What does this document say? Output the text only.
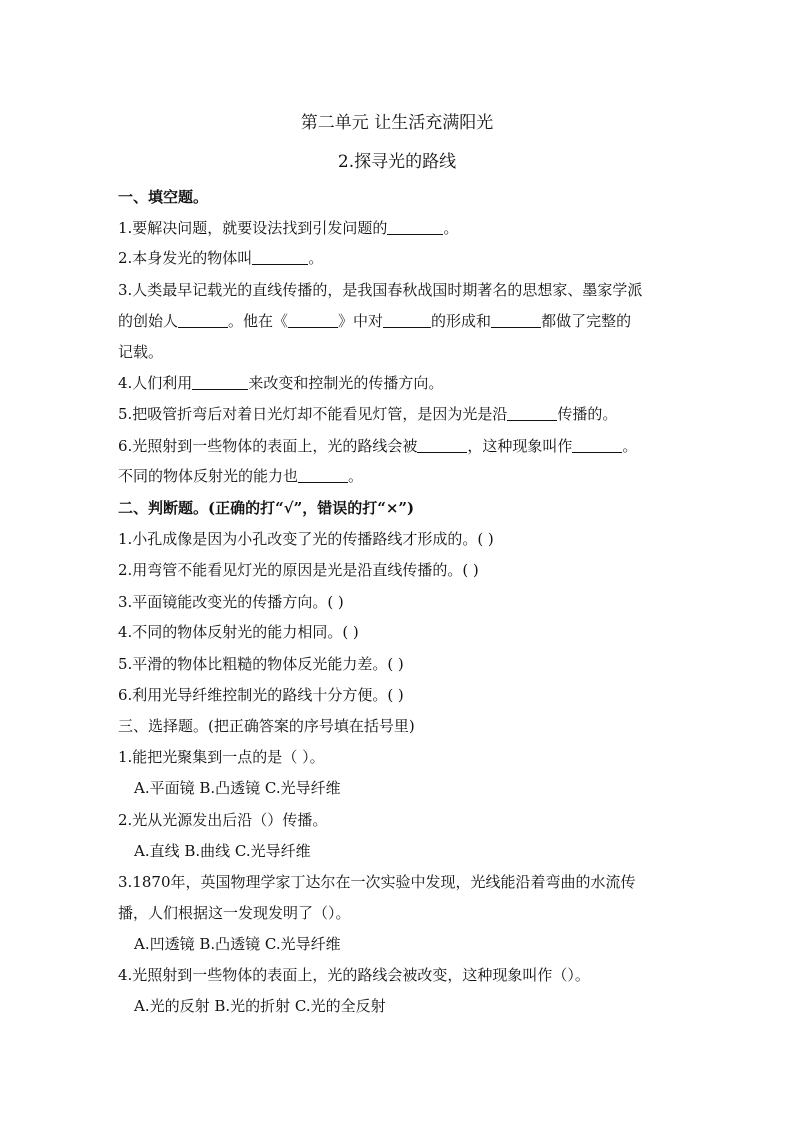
第二单元 让生活充满阳光
2.探寻光的路线
一、填空题。
1.要解决问题，就要设法找到引发问题的	。
2.本身发光的物体叫	。
3.人类最早记载光的直线传播的，是我国春秋战国时期著名的思想家、墨家学派
的创始人	。他在《	》中对	的形成和	都做了完整的
记载。
4.人们利用	来改变和控制光的传播方向。
5.把吸管折弯后对着日光灯却不能看见灯管，是因为光是沿	传播的。
6.光照射到一些物体的表面上，光的路线会被	，这种现象叫作	。
不同的物体反射光的能力也	。
二、判断题。(正确的打“√”，错误的打“×”)
1.小孔成像是因为小孔改变了光的传播路线才形成的。( )
2.用弯管不能看见灯光的原因是光是沿直线传播的。( )
3.平面镜能改变光的传播方向。( )
4.不同的物体反射光的能力相同。( )
5.平滑的物体比粗糙的物体反光能力差。( )
6.利用光导纤维控制光的路线十分方便。( )
三、选择题。(把正确答案的序号填在括号里)
1.能把光聚集到一点的是（ ）。
A.平面镜 B.凸透镜 C.光导纤维
2.光从光源发出后沿（）传播。
A.直线 B.曲线 C.光导纤维
3.1870年，英国物理学家丁达尔在一次实验中发现，光线能沿着弯曲的水流传
播，人们根据这一发现发明了（）。
A.凹透镜 B.凸透镜 C.光导纤维
4.光照射到一些物体的表面上，光的路线会被改变，这种现象叫作（）。
A.光的反射 B.光的折射 C.光的全反射
